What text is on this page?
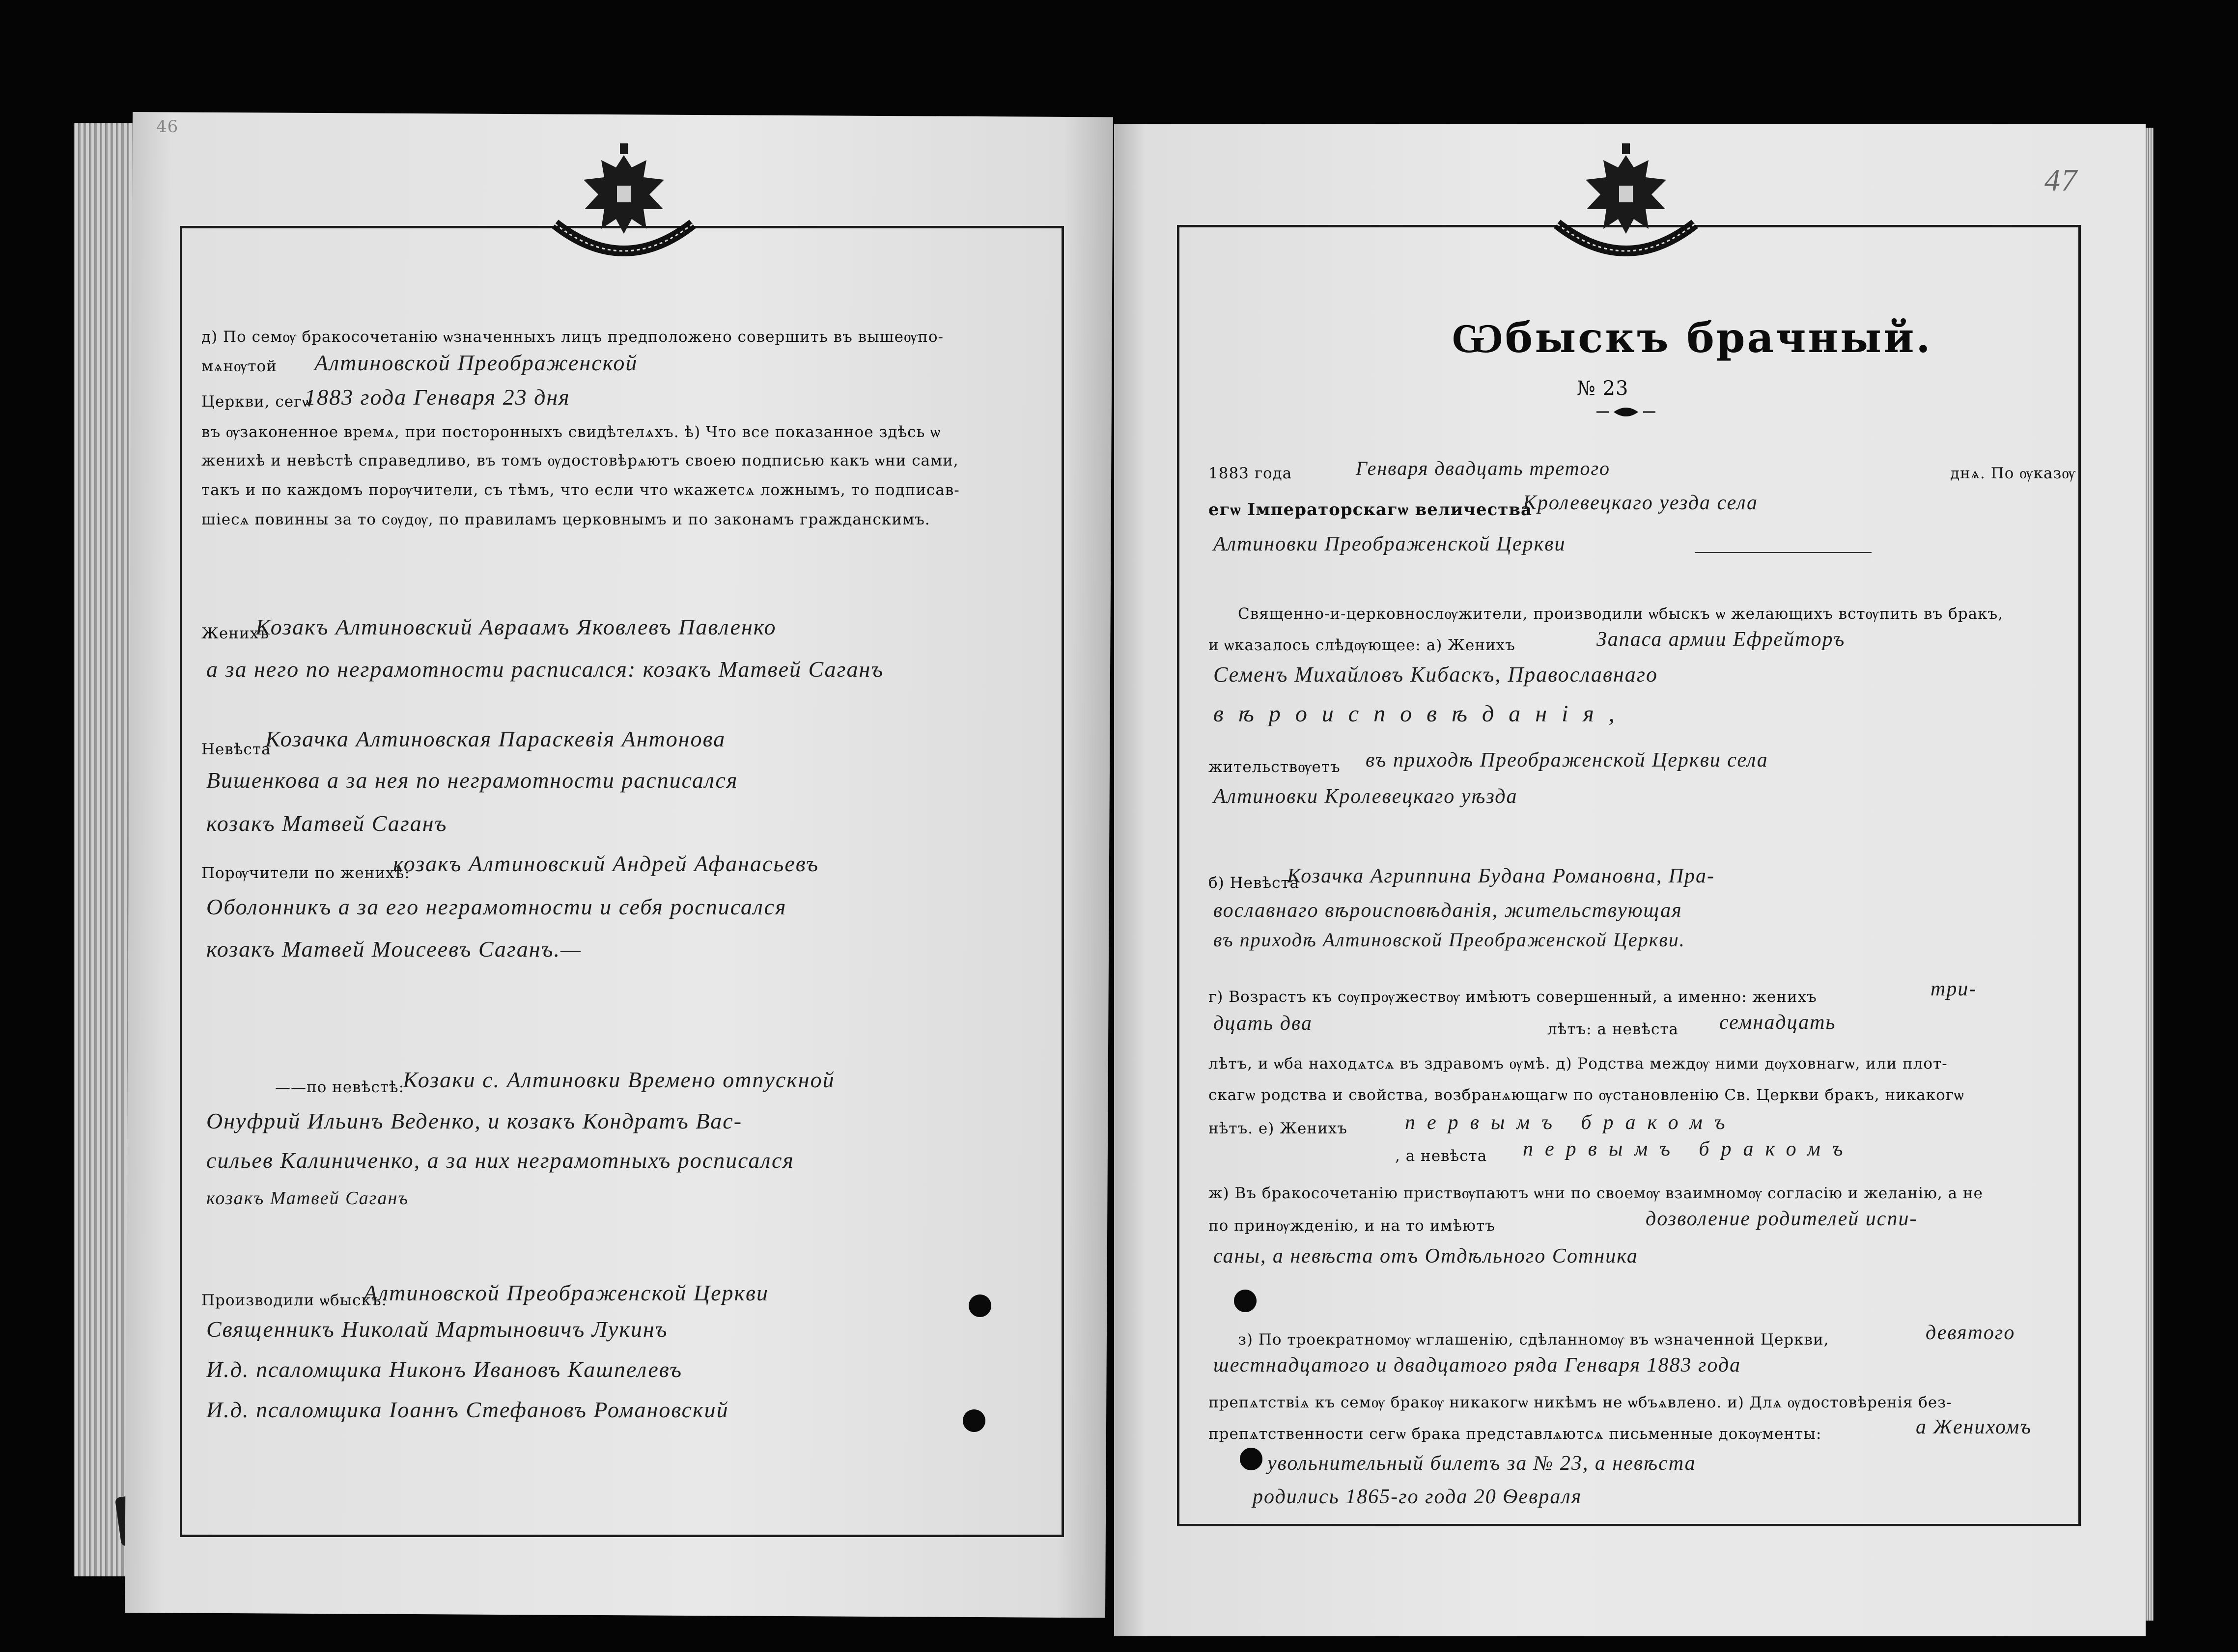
46
д) По семѹ бракосочетанію ѡзначенныхъ лицъ предположено совершить въ вышеѹпо-
мѧнѹтой Алтиновской Преображенской
Церкви, сегѡ
1883 года Генваря 23 дня
въ ѹзаконенное времѧ, при посторонныхъ свидѣтелѧхъ. ѣ) Что все показанное здѣсь ѡ
женихѣ и невѣстѣ справедливо, въ томъ ѹдостовѣрѧютъ своею подписью какъ ѡни сами,
такъ и по каждомъ порѹчители, съ тѣмъ, что если что ѡкажетсѧ ложнымъ, то подписав-
шіесѧ повинны за то сѹдѹ, по правиламъ церковнымъ и по законамъ гражданскимъ.
Женихъ
Козакъ Алтиновский Авраамъ Яковлевъ Павленко
а за него по неграмотности расписался: козакъ Матвей Саганъ
Невѣста
Козачка Алтиновская Параскевія Антонова
Вишенкова а за нея по неграмотности расписался
козакъ Матвей Саганъ
Порѹчители по женихѣ:
козакъ Алтиновский Андрей Афанасьевъ
Оболонникъ а за его неграмотности и себя росписался
козакъ Матвей Моисеевъ Саганъ.—
——по невѣстѣ:
Козаки с. Алтиновки Времено отпускной
Онуфрий Ильинъ Веденко, и козакъ Кондратъ Вас-
сильев Калиниченко, а за них неграмотныхъ росписался
козакъ Матвей Саганъ
Производили ѡбыскъ:
Алтиновской Преображенской Церкви
Священникъ Николай Мартыновичъ Лукинъ
И.д. псаломщика Никонъ Ивановъ Кашпелевъ
И.д. псаломщика Іоаннъ Стефановъ Романовский
47
Ѡбыскъ брачный.
№ 23
1883 года	Генваря двадцать третого	днѧ. По ѹказѹ
егѡ Імператорскагѡ величества
Кролевецкаго уезда села
Алтиновки Преображенской Церкви
Священно-и-церковнослѹжители, производили ѡбыскъ ѡ желающихъ встѹпить въ бракъ,
и ѡказалось слѣдѹющее: а) Женихъ	Запаса армии Ефрейторъ
Семенъ Михайловъ Кибаскъ, Православнаго
вѣроисповѣданія,
жительствѹетъ въ приходѣ Преображенской Церкви села
Алтиновки Кролевецкаго уѣзда
б) Невѣста
Козачка Агриппина Будана Романовна, Пра-
вославнаго вѣроисповѣданія, жительствующая
въ приходѣ Алтиновской Преображенской Церкви.
г) Возрастъ къ сѹпрѹжествѹ имѣютъ совершенный, а именно: женихъ	три-
дцать два	лѣтъ: а невѣста семнадцать
лѣтъ, и ѡба находѧтсѧ въ здравомъ ѹмѣ. д) Родства междѹ ними дѹховнагѡ, или плот-
скагѡ родства и свойства, возбранѧющагѡ по ѹстановленію Св. Церкви бракъ, никакогѡ
нѣтъ. е) Женихъ	первымъ бракомъ
, а невѣста первымъ бракомъ
ж) Въ бракосочетанію приствѹпаютъ ѡни по своемѹ взаимномѹ согласію и желанію, а не
по принѹжденію, и на то имѣютъ	дозволение родителей испи-
саны, а невѣста отъ Отдѣльного Сотника
з) По троекратномѹ ѡглашенію, сдѣланномѹ въ ѡзначенной Церкви,	девятого
шестнадцатого и двадцатого ряда Генваря 1883 года
препѧтствіѧ къ семѹ бракѹ никакогѡ никѣмъ не ѡбъѧвлено. и) Длѧ ѹдостовѣренія без-
препѧтственности сегѡ брака представлѧютсѧ письменные докѹменты:	а Женихомъ
увольнительный билетъ за № 23, а невѣста
родились 1865-го года 20 Ѳевраля
